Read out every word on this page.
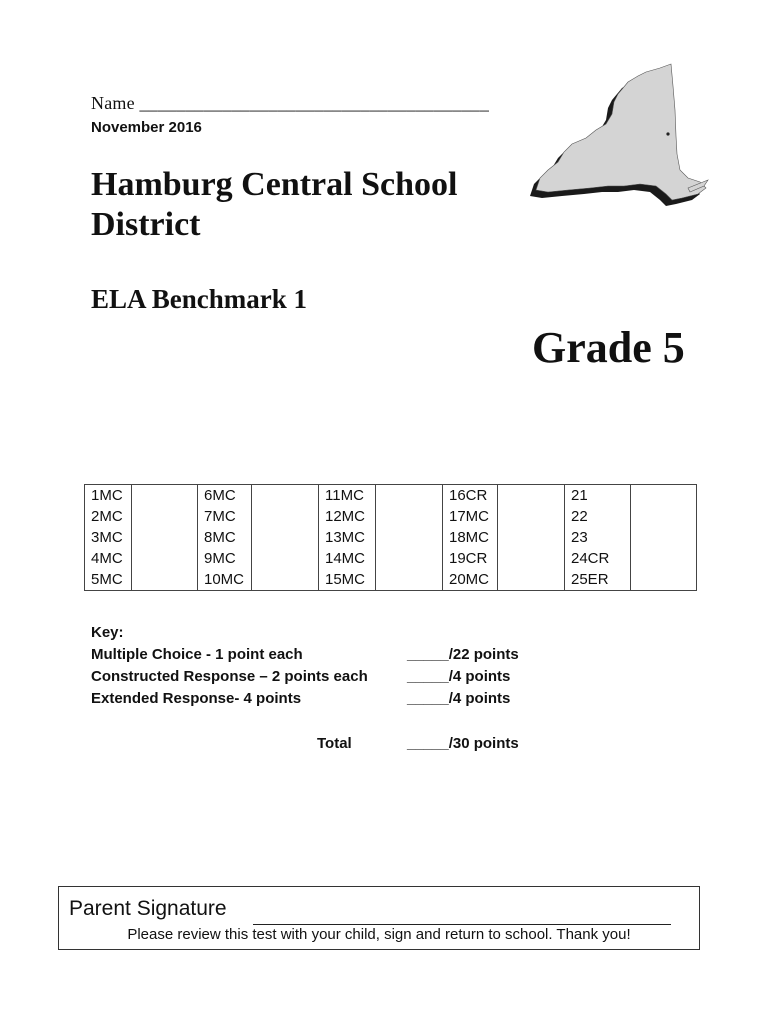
Name ______________________________________
November 2016
Hamburg Central School District
ELA Benchmark 1
Grade 5
1MC		6MC		11MC		16CR		21	
2MC		7MC		12MC		17MC		22	
3MC		8MC		13MC		18MC		23	
4MC		9MC		14MC		19CR		24CR	
5MC		10MC		15MC		20MC		25ER	
Key:
Multiple Choice - 1 point each	_____/22 points
Constructed Response – 2 points each	_____/4 points
Extended Response- 4 points	_____/4 points
Total	_____/30 points
Parent Signature
Please review this test with your child, sign and return to school. Thank you!
